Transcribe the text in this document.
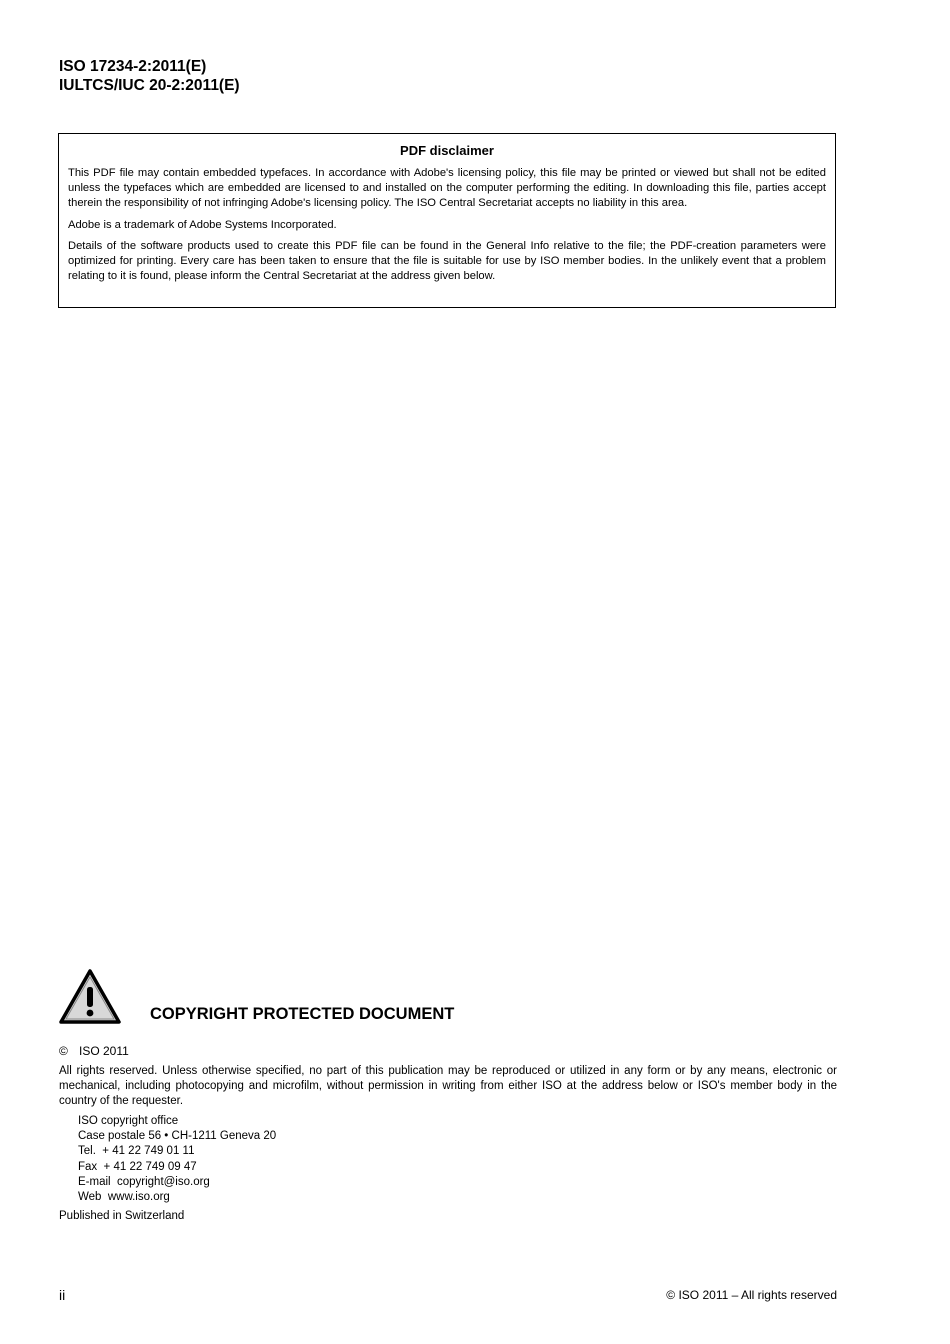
ISO 17234-2:2011(E)
IULTCS/IUC 20-2:2011(E)
PDF disclaimer

This PDF file may contain embedded typefaces. In accordance with Adobe's licensing policy, this file may be printed or viewed but shall not be edited unless the typefaces which are embedded are licensed to and installed on the computer performing the editing. In downloading this file, parties accept therein the responsibility of not infringing Adobe's licensing policy. The ISO Central Secretariat accepts no liability in this area.

Adobe is a trademark of Adobe Systems Incorporated.

Details of the software products used to create this PDF file can be found in the General Info relative to the file; the PDF-creation parameters were optimized for printing. Every care has been taken to ensure that the file is suitable for use by ISO member bodies. In the unlikely event that a problem relating to it is found, please inform the Central Secretariat at the address given below.

COPYRIGHT PROTECTED DOCUMENT
© ISO 2011

All rights reserved. Unless otherwise specified, no part of this publication may be reproduced or utilized in any form or by any means, electronic or mechanical, including photocopying and microfilm, without permission in writing from either ISO at the address below or ISO's member body in the country of the requester.

ISO copyright office
Case postale 56 • CH-1211 Geneva 20
Tel.  + 41 22 749 01 11
Fax  + 41 22 749 09 47
E-mail  copyright@iso.org
Web  www.iso.org
Published in Switzerland
ii	© ISO 2011 – All rights reserved
